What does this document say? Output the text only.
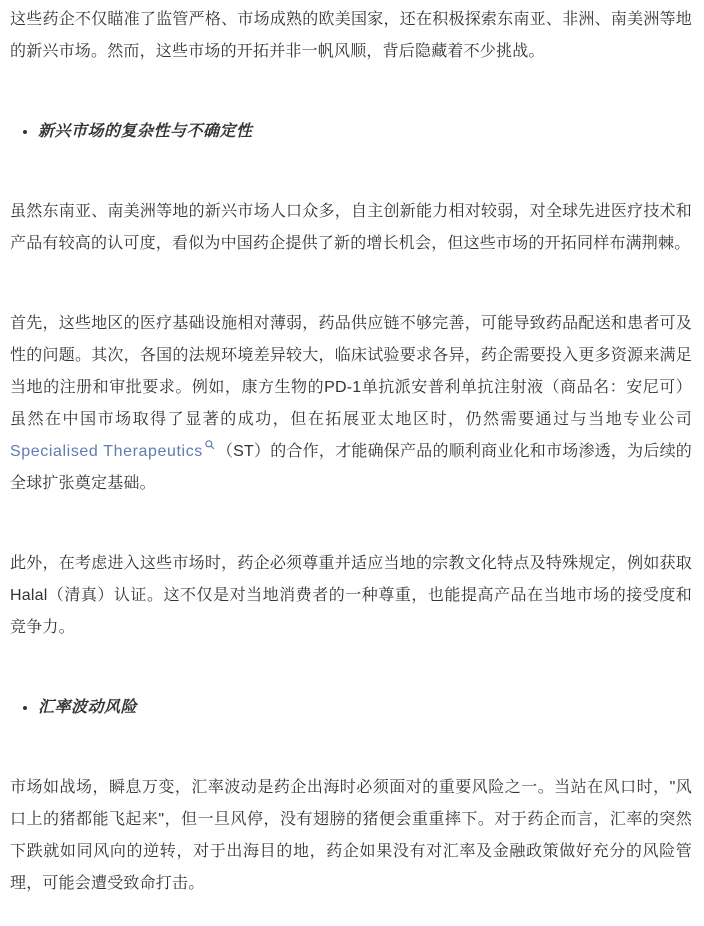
这些药企不仅瞄准了监管严格、市场成熟的欧美国家，还在积极探索东南亚、非洲、南美洲等地的新兴市场。然而，这些市场的开拓并非一帆风顺，背后隐藏着不少挑战。

• 新兴市场的复杂性与不确定性

虽然东南亚、南美洲等地的新兴市场人口众多，自主创新能力相对较弱，对全球先进医疗技术和产品有较高的认可度，看似为中国药企提供了新的增长机会，但这些市场的开拓同样布满荆棘。

首先，这些地区的医疗基础设施相对薄弱，药品供应链不够完善，可能导致药品配送和患者可及性的问题。其次，各国的法规环境差异较大，临床试验要求各异，药企需要投入更多资源来满足当地的注册和审批要求。例如，康方生物的PD-1单抗派安普利单抗注射液（商品名：安尼可）虽然在中国市场取得了显著的成功，但在拓展亚太地区时，仍然需要通过与当地专业公司Specialised Therapeutics （ST）的合作，才能确保产品的顺利商业化和市场渗透，为后续的全球扩张奠定基础。

此外，在考虑进入这些市场时，药企必须尊重并适应当地的宗教文化特点及特殊规定，例如获取Halal（清真）认证。这不仅是对当地消费者的一种尊重，也能提高产品在当地市场的接受度和竞争力。

• 汇率波动风险

市场如战场，瞬息万变，汇率波动是药企出海时必须面对的重要风险之一。当站在风口时，"风口上的猪都能飞起来"，但一旦风停，没有翅膀的猪便会重重摔下。对于药企而言，汇率的突然下跌就如同风向的逆转，对于出海目的地，药企如果没有对汇率及金融政策做好充分的风险管理，可能会遭受致命打击。
